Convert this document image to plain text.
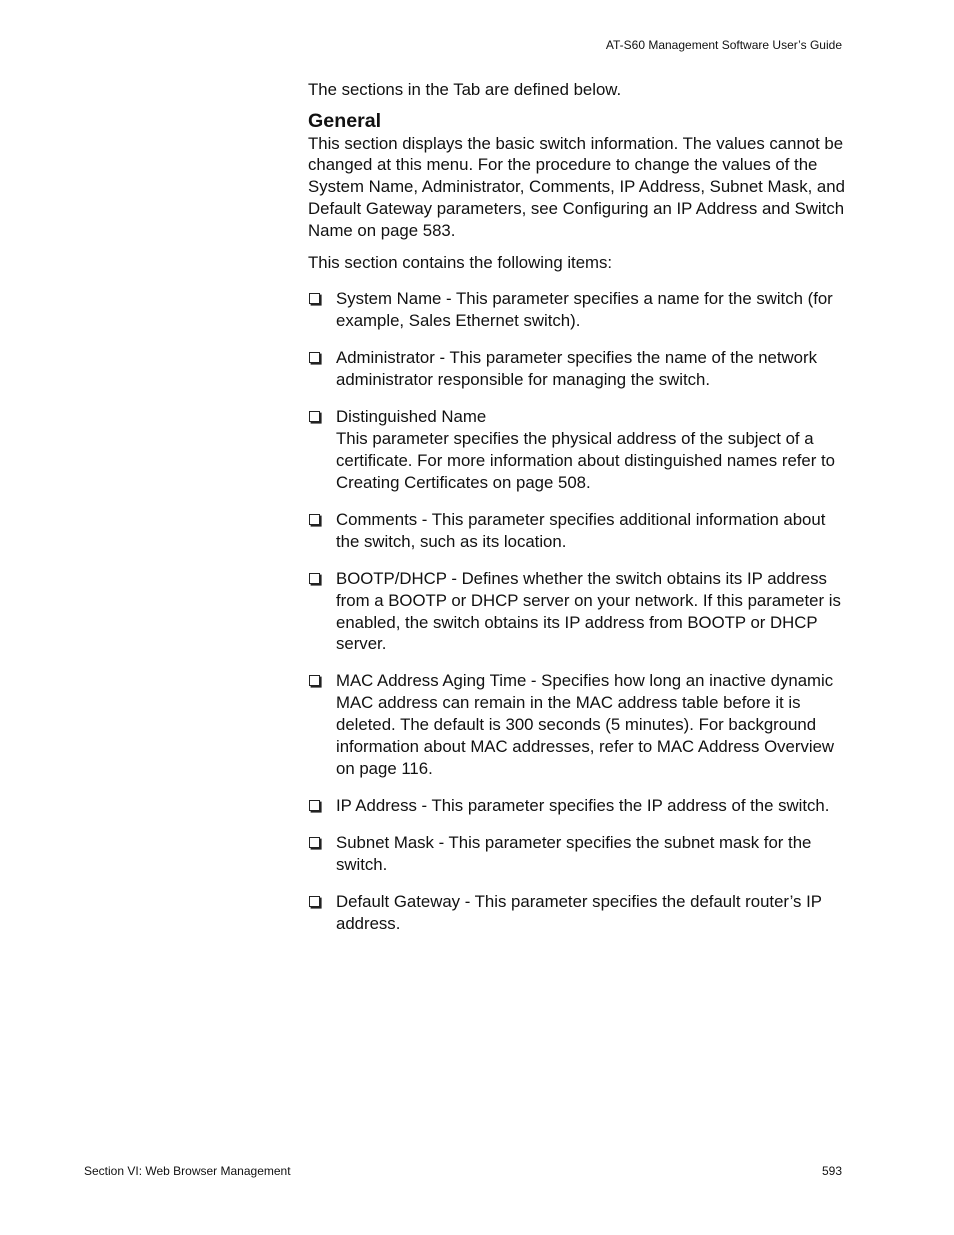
AT-S60 Management Software User’s Guide

The sections in the Tab are defined below.

General

This section displays the basic switch information. The values cannot be changed at this menu. For the procedure to change the values of the System Name, Administrator, Comments, IP Address, Subnet Mask, and Default Gateway parameters, see Configuring an IP Address and Switch Name on page 583.

This section contains the following items:

System Name - This parameter specifies a name for the switch (for example, Sales Ethernet switch).
Administrator - This parameter specifies the name of the network administrator responsible for managing the switch.
Distinguished Name
This parameter specifies the physical address of the subject of a certificate. For more information about distinguished names refer to Creating Certificates on page 508.
Comments - This parameter specifies additional information about the switch, such as its location.
BOOTP/DHCP - Defines whether the switch obtains its IP address from a BOOTP or DHCP server on your network. If this parameter is enabled, the switch obtains its IP address from BOOTP or DHCP server.
MAC Address Aging Time - Specifies how long an inactive dynamic MAC address can remain in the MAC address table before it is deleted. The default is 300 seconds (5 minutes). For background information about MAC addresses, refer to MAC Address Overview on page 116.
IP Address - This parameter specifies the IP address of the switch.
Subnet Mask - This parameter specifies the subnet mask for the switch.
Default Gateway - This parameter specifies the default router’s IP address.
Section VI: Web Browser Management	593
